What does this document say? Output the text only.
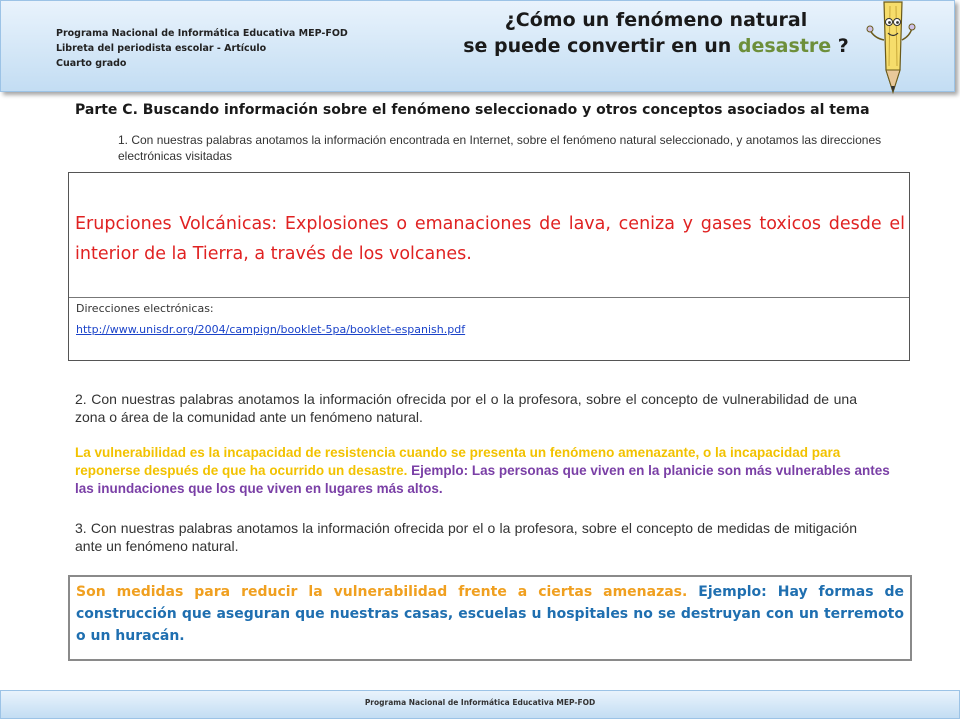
Programa Nacional de Informática Educativa MEP-FOD
Libreta del periodista escolar - Artículo
Cuarto grado
¿Cómo un fenómeno natural
se puede convertir en un desastre ?
Parte C. Buscando información sobre el fenómeno seleccionado y otros conceptos asociados al tema
1. Con nuestras palabras anotamos la información encontrada en Internet, sobre el fenómeno natural seleccionado, y anotamos las direcciones electrónicas visitadas
Erupciones Volcánicas: Explosiones o emanaciones de lava, ceniza y gases toxicos desde el interior de la Tierra, a través de los volcanes.
Direcciones electrónicas:
http://www.unisdr.org/2004/campign/booklet-5pa/booklet-espanish.pdf
2. Con nuestras palabras anotamos la información ofrecida por el o la profesora, sobre el concepto de vulnerabilidad de una zona o área de la comunidad ante un fenómeno natural.
La vulnerabilidad es la incapacidad de resistencia cuando se presenta un fenómeno amenazante, o la incapacidad para reponerse después de que ha ocurrido un desastre. Ejemplo: Las personas que viven en la planicie son más vulnerables antes las inundaciones que los que viven en lugares más altos.
3. Con nuestras palabras anotamos la información ofrecida por el o la profesora, sobre el concepto de medidas de mitigación ante un fenómeno natural.

Son medidas para reducir la vulnerabilidad frente a ciertas amenazas. Ejemplo: Hay formas de construcción que aseguran que nuestras casas, escuelas u hospitales no se destruyan con un terremoto o un huracán.

Programa Nacional de Informática Educativa MEP-FOD
